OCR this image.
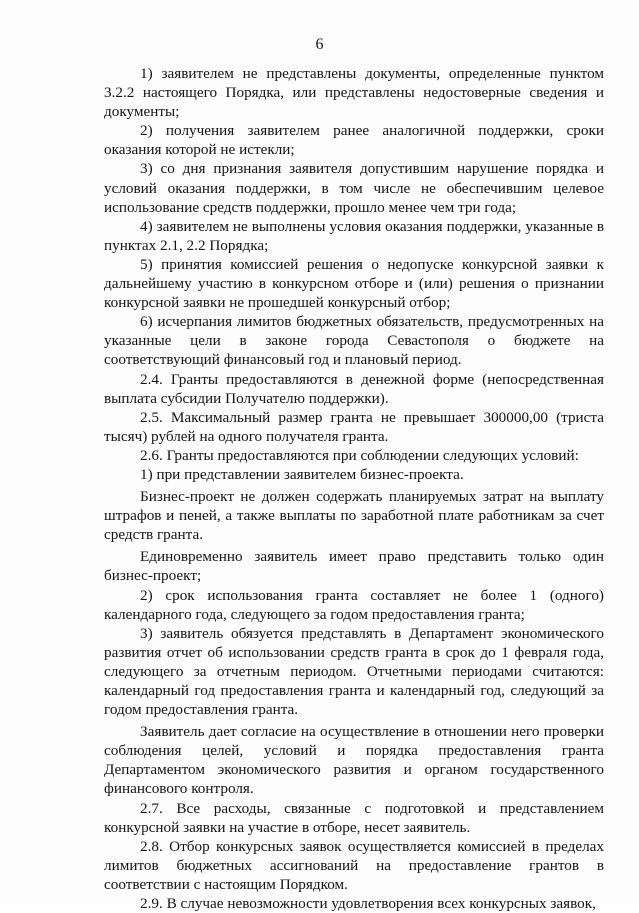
6

1) заявителем не представлены документы, определенные пунктом 3.2.2 настоящего Порядка, или представлены недостоверные сведения и документы;

2) получения заявителем ранее аналогичной поддержки, сроки оказания которой не истекли;

3) со дня признания заявителя допустившим нарушение порядка и условий оказания поддержки, в том числе не обеспечившим целевое использование средств поддержки, прошло менее чем три года;

4) заявителем не выполнены условия оказания поддержки, указанные в пунктах 2.1, 2.2 Порядка;

5) принятия комиссией решения о недопуске конкурсной заявки к дальнейшему участию в конкурсном отборе и (или) решения о признании конкурсной заявки не прошедшей конкурсный отбор;

6) исчерпания лимитов бюджетных обязательств, предусмотренных на указанные цели в законе города Севастополя о бюджете на соответствующий финансовый год и плановый период.

2.4. Гранты предоставляются в денежной форме (непосредственная выплата субсидии Получателю поддержки).

2.5. Максимальный размер гранта не превышает 300000,00 (триста тысяч) рублей на одного получателя гранта.

2.6. Гранты предоставляются при соблюдении следующих условий:

1) при представлении заявителем бизнес-проекта.

Бизнес-проект не должен содержать планируемых затрат на выплату штрафов и пеней, а также выплаты по заработной плате работникам за счет средств гранта.

Единовременно заявитель имеет право представить только один бизнес-проект;

2) срок использования гранта составляет не более 1 (одного) календарного года, следующего за годом предоставления гранта;

3) заявитель обязуется представлять в Департамент экономического развития отчет об использовании средств гранта в срок до 1 февраля года, следующего за отчетным периодом. Отчетными периодами считаются: календарный год предоставления гранта и календарный год, следующий за годом предоставления гранта.

Заявитель дает согласие на осуществление в отношении него проверки соблюдения целей, условий и порядка предоставления гранта Департаментом экономического развития и органом государственного финансового контроля.

2.7. Все расходы, связанные с подготовкой и представлением конкурсной заявки на участие в отборе, несет заявитель.

2.8. Отбор конкурсных заявок осуществляется комиссией в пределах лимитов бюджетных ассигнований на предоставление грантов в соответствии с настоящим Порядком.

2.9. В случае невозможности удовлетворения всех конкурсных заявок,
